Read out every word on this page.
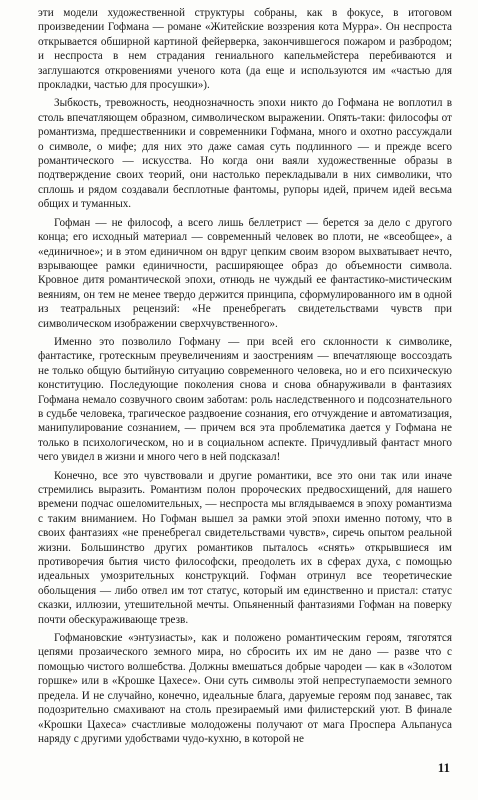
эти модели художественной структуры собраны, как в фокусе, в итоговом произведении Гофмана — романе «Житейские воззрения кота Мурра». Он неспроста открывается обширной картиной фейерверка, закончившегося пожаром и разбродом; и неспроста в нем страдания гениального капельмейстера перебиваются и заглушаются откровениями ученого кота (да еще и используются им «частью для прокладки, частью для просушки»).

Зыбкость, тревожность, неоднозначность эпохи никто до Гофмана не воплотил в столь впечатляющем образном, символическом выражении. Опять-таки: философы от романтизма, предшественники и современники Гофмана, много и охотно рассуждали о символе, о мифе; для них это даже самая суть подлинного — и прежде всего романтического — искусства. Но когда они ваяли художественные образы в подтверждение своих теорий, они настолько перекладывали в них символики, что сплошь и рядом создавали бесплотные фантомы, рупоры идей, причем идей весьма общих и туманных.

Гофман — не философ, а всего лишь беллетрист — берется за дело с другого конца; его исходный материал — современный человек во плоти, не «всеобщее», а «единичное»; и в этом единичном он вдруг цепким своим взором выхватывает нечто, взрывающее рамки единичности, расширяющее образ до объемности символа. Кровное дитя романтической эпохи, отнюдь не чуждый ее фантастико-мистическим веяниям, он тем не менее твердо держится принципа, сформулированного им в одной из театральных рецензий: «Не пренебрегать свидетельствами чувств при символическом изображении сверхчувственного».

Именно это позволило Гофману — при всей его склонности к символике, фантастике, гротескным преувеличениям и заострениям — впечатляюще воссоздать не только общую бытийную ситуацию современного человека, но и его психическую конституцию. Последующие поколения снова и снова обнаруживали в фантазиях Гофмана немало созвучного своим заботам: роль наследственного и подсознательного в судьбе человека, трагическое раздвоение сознания, его отчуждение и автоматизация, манипулирование сознанием, — причем вся эта проблематика дается у Гофмана не только в психологическом, но и в социальном аспекте. Причудливый фантаст много чего увидел в жизни и много чего в ней подсказал!

Конечно, все это чувствовали и другие романтики, все это они так или иначе стремились выразить. Романтизм полон пророческих предвосхищений, для нашего времени подчас ошеломительных, — неспроста мы вглядываемся в эпоху романтизма с таким вниманием. Но Гофман вышел за рамки этой эпохи именно потому, что в своих фантазиях «не пренебрегал свидетельствами чувств», сиречь опытом реальной жизни. Большинство других романтиков пыталось «снять» открывшиеся им противоречия бытия чисто философски, преодолеть их в сферах духа, с помощью идеальных умозрительных конструкций. Гофман отринул все теоретические обольщения — либо отвел им тот статус, который им единственно и пристал: статус сказки, иллюзии, утешительной мечты. Опьяненный фантазиями Гофман на поверку почти обескураживающе трезв.

Гофмановские «энтузиасты», как и положено романтическим героям, тяготятся цепями прозаического земного мира, но сбросить их им не дано — разве что с помощью чистого волшебства. Должны вмешаться добрые чародеи — как в «Золотом горшке» или в «Крошке Цахесе». Они суть символы этой непреступаемости земного предела. И не случайно, конечно, идеальные блага, даруемые героям под занавес, так подозрительно смахивают на столь презираемый ими филистерский уют. В финале «Крошки Цахеса» счастливые молодожены получают от мага Проспера Альпануса наряду с другими удобствами чудо-кухню, в которой не

11
